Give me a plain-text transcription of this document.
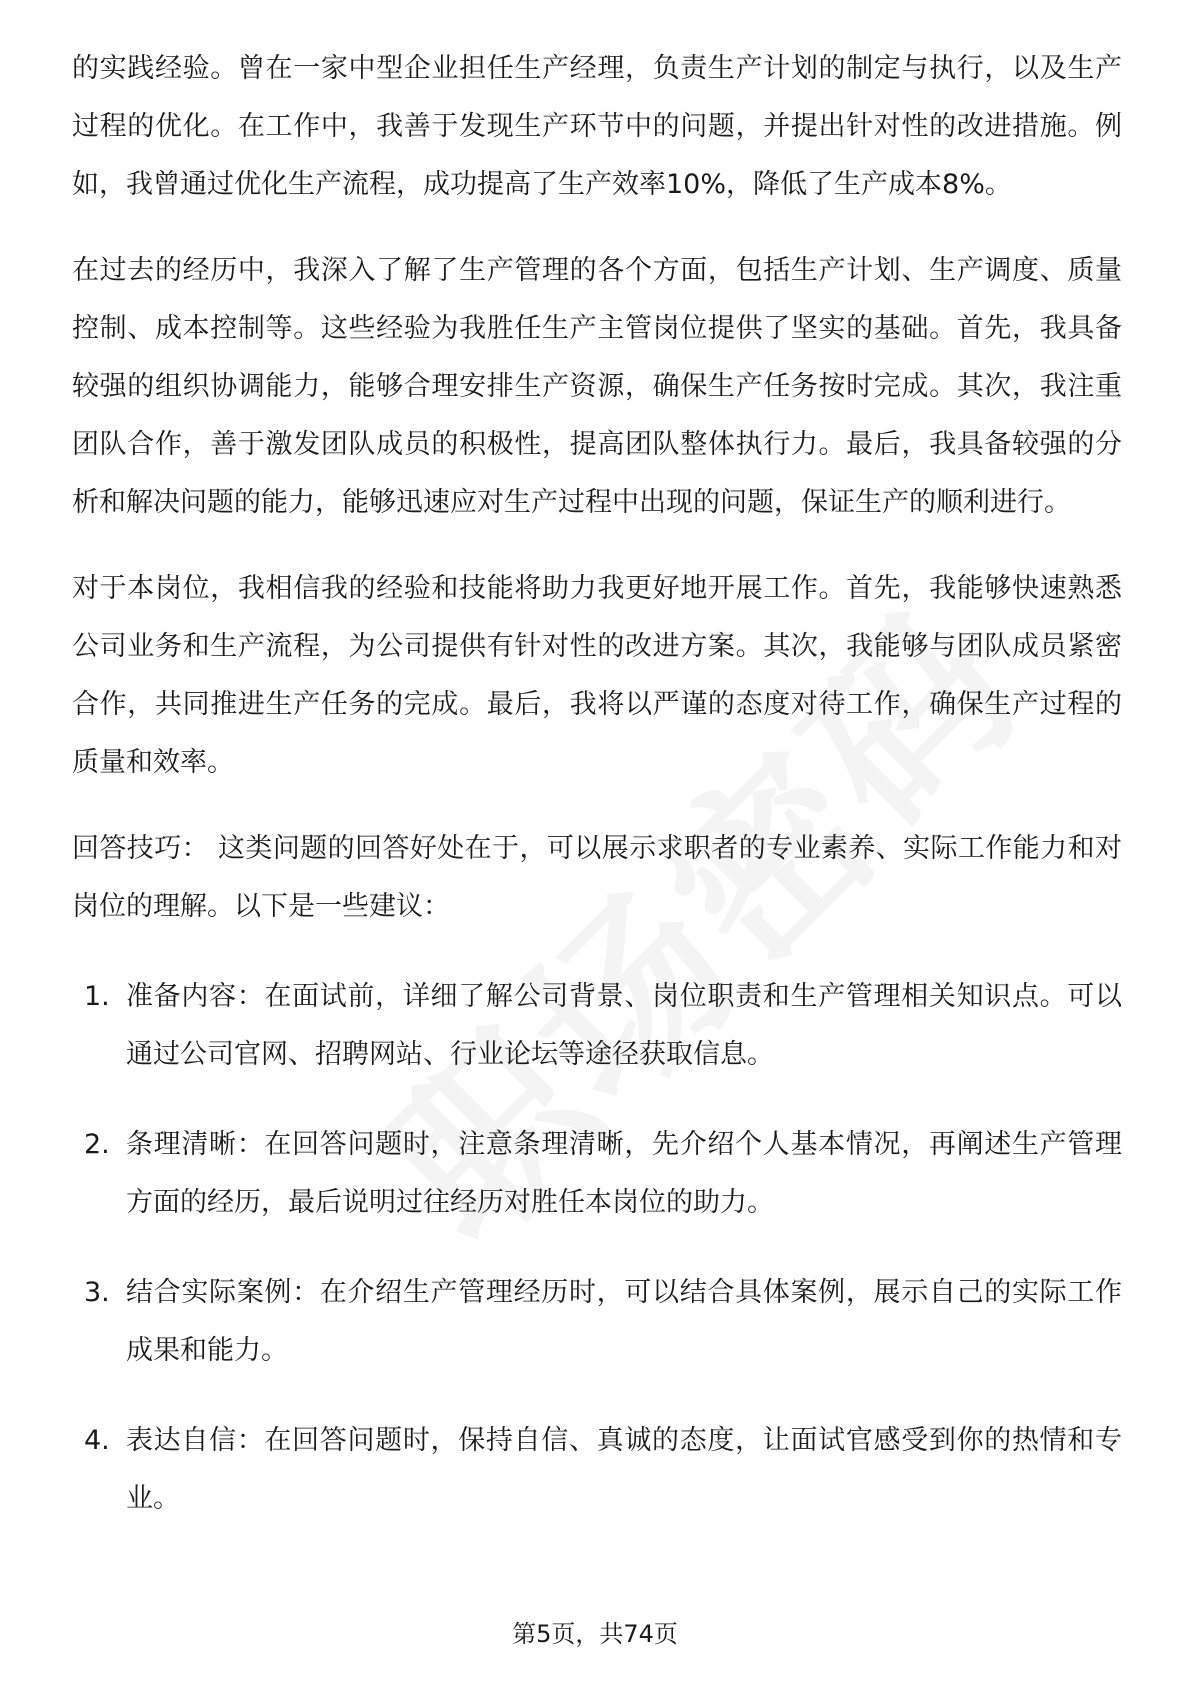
的实践经验。曾在一家中型企业担任生产经理，负责生产计划的制定与执行，以及生产过程的优化。在工作中，我善于发现生产环节中的问题，并提出针对性的改进措施。例如，我曾通过优化生产流程，成功提高了生产效率10%，降低了生产成本8%。

在过去的经历中，我深入了解了生产管理的各个方面，包括生产计划、生产调度、质量控制、成本控制等。这些经验为我胜任生产主管岗位提供了坚实的基础。首先，我具备较强的组织协调能力，能够合理安排生产资源，确保生产任务按时完成。其次，我注重团队合作，善于激发团队成员的积极性，提高团队整体执行力。最后，我具备较强的分析和解决问题的能力，能够迅速应对生产过程中出现的问题，保证生产的顺利进行。

对于本岗位，我相信我的经验和技能将助力我更好地开展工作。首先，我能够快速熟悉公司业务和生产流程，为公司提供有针对性的改进方案。其次，我能够与团队成员紧密合作，共同推进生产任务的完成。最后，我将以严谨的态度对待工作，确保生产过程的质量和效率。

回答技巧： 这类问题的回答好处在于，可以展示求职者的专业素养、实际工作能力和对岗位的理解。以下是一些建议：

1. 准备内容：在面试前，详细了解公司背景、岗位职责和生产管理相关知识点。可以通过公司官网、招聘网站、行业论坛等途径获取信息。
2. 条理清晰：在回答问题时，注意条理清晰，先介绍个人基本情况，再阐述生产管理方面的经历，最后说明过往经历对胜任本岗位的助力。
3. 结合实际案例：在介绍生产管理经历时，可以结合具体案例，展示自己的实际工作成果和能力。
4. 表达自信：在回答问题时，保持自信、真诚的态度，让面试官感受到你的热情和专业。
第5页，共74页
